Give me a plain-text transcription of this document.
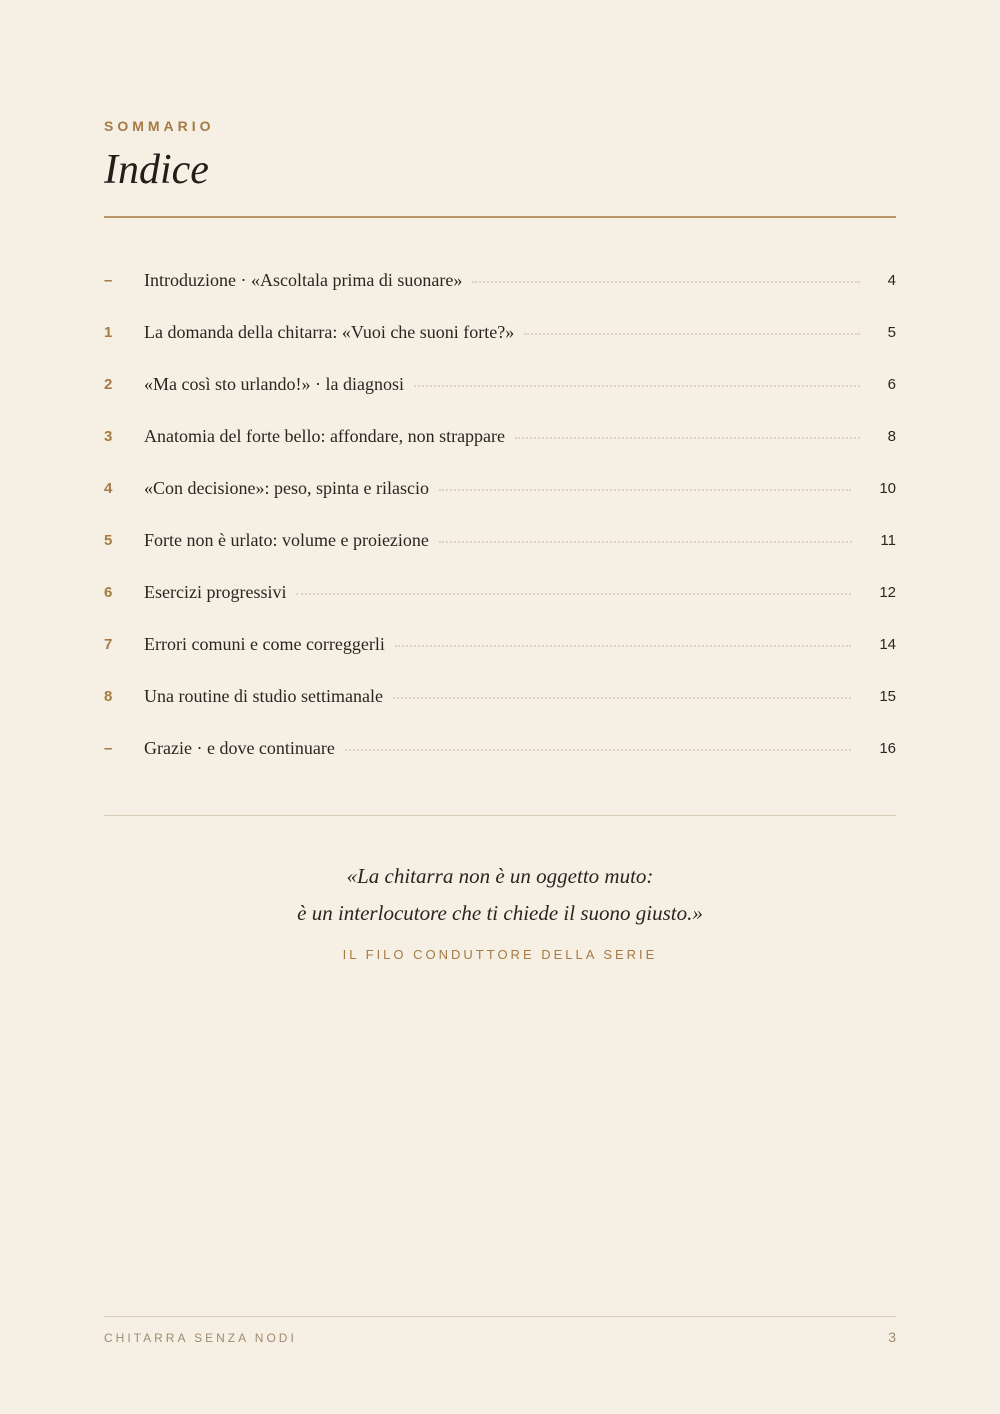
SOMMARIO
Indice
–	Introduzione · «Ascoltala prima di suonare»	4
1	La domanda della chitarra: «Vuoi che suoni forte?»	5
2	«Ma così sto urlando!» · la diagnosi	6
3	Anatomia del forte bello: affondare, non strappare	8
4	«Con decisione»: peso, spinta e rilascio	10
5	Forte non è urlato: volume e proiezione	11
6	Esercizi progressivi	12
7	Errori comuni e come correggerli	14
8	Una routine di studio settimanale	15
–	Grazie · e dove continuare	16
«La chitarra non è un oggetto muto:
è un interlocutore che ti chiede il suono giusto.»
IL FILO CONDUTTORE DELLA SERIE
CHITARRA SENZA NODI	3
